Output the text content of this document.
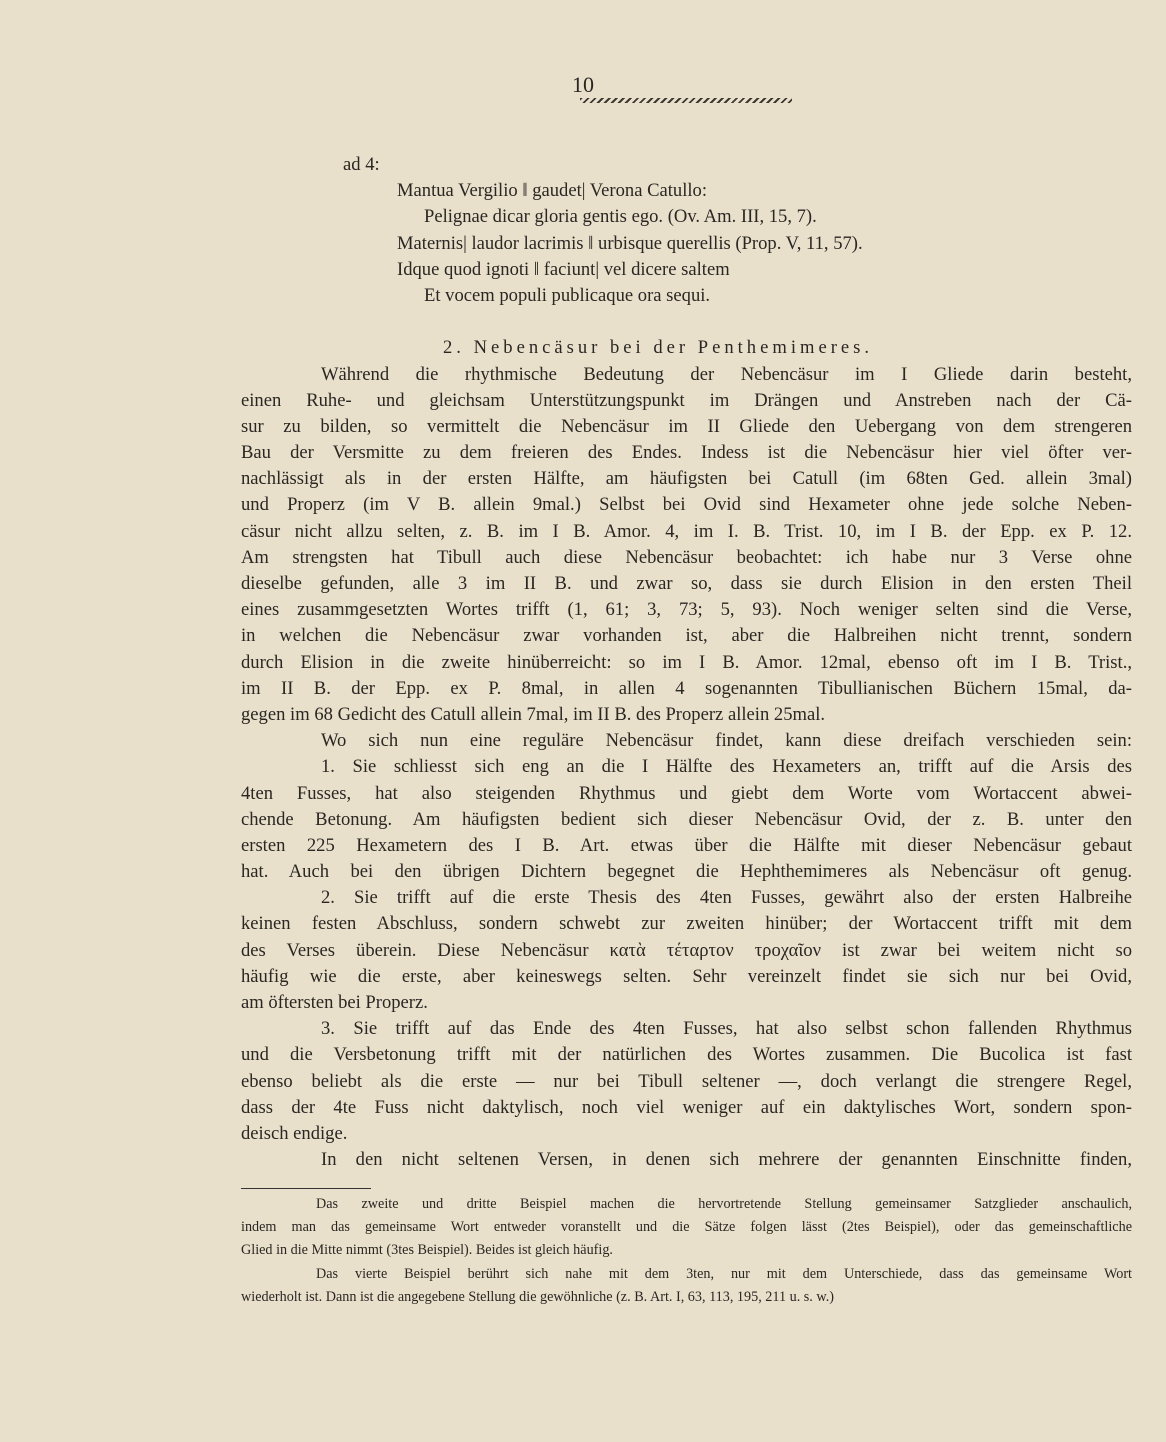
10
ad 4:
Mantua Vergilio ‖ gaudet| Verona Catullo:
Pelignae dicar gloria gentis ego. (Ov. Am. III, 15, 7).
Maternis| laudor lacrimis ‖ urbisque querellis (Prop. V, 11, 57).
Idque quod ignoti ‖ faciunt| vel dicere saltem
Et vocem populi publicaque ora sequi.
2. Nebencäsur bei der Penthemimeres.
Während die rhythmische Bedeutung der Nebencäsur im I Gliede darin besteht,
einen Ruhe- und gleichsam Unterstützungspunkt im Drängen und Anstreben nach der Cä-
sur zu bilden, so vermittelt die Nebencäsur im II Gliede den Uebergang von dem strengeren
Bau der Versmitte zu dem freieren des Endes. Indess ist die Nebencäsur hier viel öfter ver-
nachlässigt als in der ersten Hälfte, am häufigsten bei Catull (im 68ten Ged. allein 3mal)
und Properz (im V B. allein 9mal.) Selbst bei Ovid sind Hexameter ohne jede solche Neben-
cäsur nicht allzu selten, z. B. im I B. Amor. 4, im I. B. Trist. 10, im I B. der Epp. ex P. 12.
Am strengsten hat Tibull auch diese Nebencäsur beobachtet: ich habe nur 3 Verse ohne
dieselbe gefunden, alle 3 im II B. und zwar so, dass sie durch Elision in den ersten Theil
eines zusammgesetzten Wortes trifft (1, 61; 3, 73; 5, 93). Noch weniger selten sind die Verse,
in welchen die Nebencäsur zwar vorhanden ist, aber die Halbreihen nicht trennt, sondern
durch Elision in die zweite hinüberreicht: so im I B. Amor. 12mal, ebenso oft im I B. Trist.,
im II B. der Epp. ex P. 8mal, in allen 4 sogenannten Tibullianischen Büchern 15mal, da-
gegen im 68 Gedicht des Catull allein 7mal, im II B. des Properz allein 25mal.
Wo sich nun eine reguläre Nebencäsur findet, kann diese dreifach verschieden sein:
1. Sie schliesst sich eng an die I Hälfte des Hexameters an, trifft auf die Arsis des
4ten Fusses, hat also steigenden Rhythmus und giebt dem Worte vom Wortaccent abwei-
chende Betonung. Am häufigsten bedient sich dieser Nebencäsur Ovid, der z. B. unter den
ersten 225 Hexametern des I B. Art. etwas über die Hälfte mit dieser Nebencäsur gebaut
hat. Auch bei den übrigen Dichtern begegnet die Hephthemimeres als Nebencäsur oft genug.
2. Sie trifft auf die erste Thesis des 4ten Fusses, gewährt also der ersten Halbreihe
keinen festen Abschluss, sondern schwebt zur zweiten hinüber; der Wortaccent trifft mit dem
des Verses überein. Diese Nebencäsur κατὰ τέταρτον τροχαῖον ist zwar bei weitem nicht so
häufig wie die erste, aber keineswegs selten. Sehr vereinzelt findet sie sich nur bei Ovid,
am öftersten bei Properz.
3. Sie trifft auf das Ende des 4ten Fusses, hat also selbst schon fallenden Rhythmus
und die Versbetonung trifft mit der natürlichen des Wortes zusammen. Die Bucolica ist fast
ebenso beliebt als die erste — nur bei Tibull seltener —, doch verlangt die strengere Regel,
dass der 4te Fuss nicht daktylisch, noch viel weniger auf ein daktylisches Wort, sondern spon-
deisch endige.
In den nicht seltenen Versen, in denen sich mehrere der genannten Einschnitte finden,
Das zweite und dritte Beispiel machen die hervortretende Stellung gemeinsamer Satzglieder anschaulich,
indem man das gemeinsame Wort entweder voranstellt und die Sätze folgen lässt (2tes Beispiel), oder das gemeinschaftliche
Glied in die Mitte nimmt (3tes Beispiel). Beides ist gleich häufig.
Das vierte Beispiel berührt sich nahe mit dem 3ten, nur mit dem Unterschiede, dass das gemeinsame Wort
wiederholt ist. Dann ist die angegebene Stellung die gewöhnliche (z. B. Art. I, 63, 113, 195, 211 u. s. w.)
